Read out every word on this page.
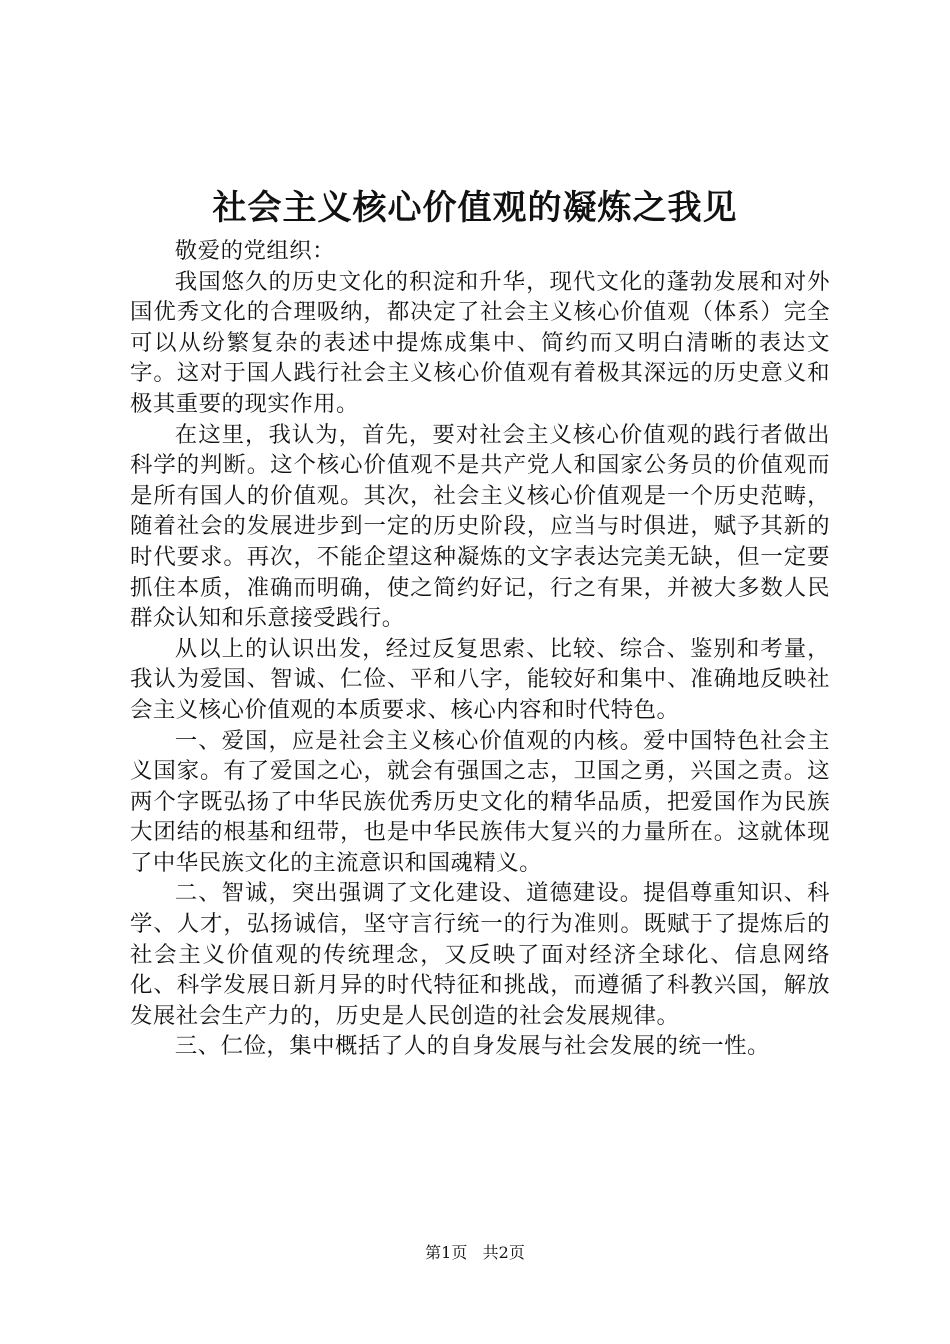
社会主义核心价值观的凝炼之我见

敬爱的党组织：

我国悠久的历史文化的积淀和升华，现代文化的蓬勃发展和对外国优秀文化的合理吸纳，都决定了社会主义核心价值观（体系）完全可以从纷繁复杂的表述中提炼成集中、简约而又明白清晰的表达文字。这对于国人践行社会主义核心价值观有着极其深远的历史意义和极其重要的现实作用。

在这里，我认为，首先，要对社会主义核心价值观的践行者做出科学的判断。这个核心价值观不是共产党人和国家公务员的价值观而是所有国人的价值观。其次，社会主义核心价值观是一个历史范畴，随着社会的发展进步到一定的历史阶段，应当与时俱进，赋予其新的时代要求。再次，不能企望这种凝炼的文字表达完美无缺，但一定要抓住本质，准确而明确，使之简约好记，行之有果，并被大多数人民群众认知和乐意接受践行。

从以上的认识出发，经过反复思索、比较、综合、鉴别和考量，我认为爱国、智诚、仁俭、平和八字，能较好和集中、准确地反映社会主义核心价值观的本质要求、核心内容和时代特色。

一、爱国，应是社会主义核心价值观的内核。爱中国特色社会主义国家。有了爱国之心，就会有强国之志，卫国之勇，兴国之责。这两个字既弘扬了中华民族优秀历史文化的精华品质，把爱国作为民族大团结的根基和纽带，也是中华民族伟大复兴的力量所在。这就体现了中华民族文化的主流意识和国魂精义。

二、智诚，突出强调了文化建设、道德建设。提倡尊重知识、科学、人才，弘扬诚信，坚守言行统一的行为准则。既赋于了提炼后的社会主义价值观的传统理念，又反映了面对经济全球化、信息网络化、科学发展日新月异的时代特征和挑战，而遵循了科教兴国，解放发展社会生产力的，历史是人民创造的社会发展规律。

三、仁俭，集中概括了人的自身发展与社会发展的统一性。

第1页 共2页
